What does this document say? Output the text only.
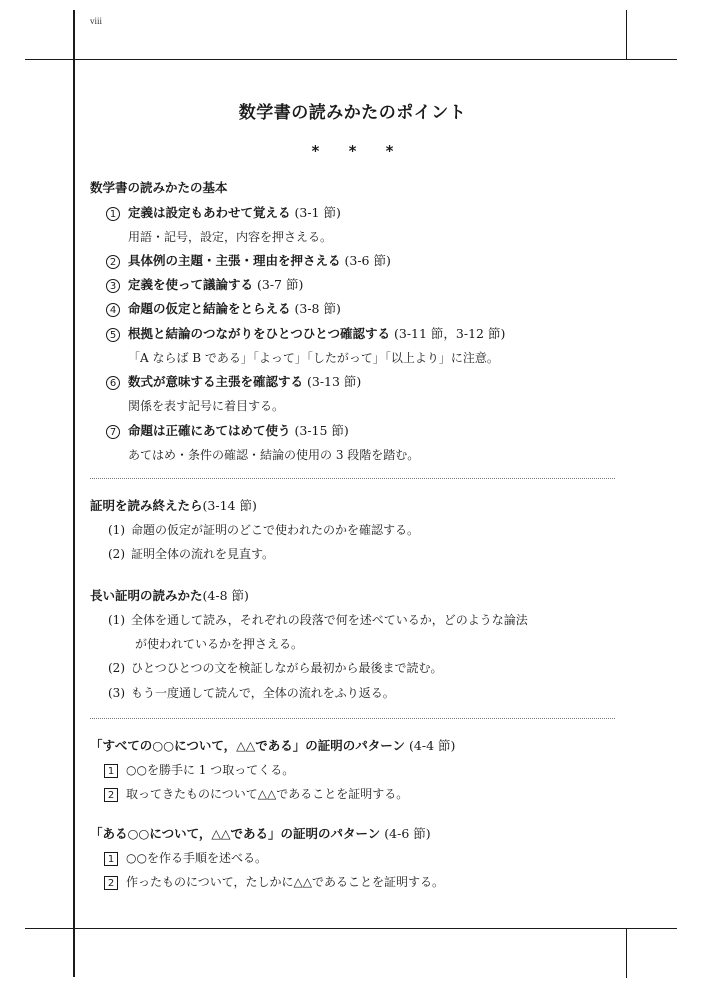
viii
数学書の読みかたのポイント
* * *
数学書の読みかたの基本
1 定義は設定もあわせて覚える (3-1 節)
用語・記号，設定，内容を押さえる。
2 具体例の主題・主張・理由を押さえる (3-6 節)
3 定義を使って議論する (3-7 節)
4 命題の仮定と結論をとらえる (3-8 節)
5 根拠と結論のつながりをひとつひとつ確認する (3-11 節，3-12 節)
「A ならば B である」「よって」「したがって」「以上より」に注意。
6 数式が意味する主張を確認する (3-13 節)
関係を表す記号に着目する。
7 命題は正確にあてはめて使う (3-15 節)
あてはめ・条件の確認・結論の使用の 3 段階を踏む。
証明を読み終えたら(3-14 節)
(1) 命題の仮定が証明のどこで使われたのかを確認する。
(2) 証明全体の流れを見直す。
長い証明の読みかた(4-8 節)
(1) 全体を通して読み，それぞれの段落で何を述べているか，どのような論法
が使われているかを押さえる。
(2) ひとつひとつの文を検証しながら最初から最後まで読む。
(3) もう一度通して読んで，全体の流れをふり返る。
「すべての○○について，△△である」の証明のパターン (4-4 節)
1 ○○を勝手に 1 つ取ってくる。
2 取ってきたものについて△△であることを証明する。
「ある○○について，△△である」の証明のパターン (4-6 節)
1 ○○を作る手順を述べる。
2 作ったものについて，たしかに△△であることを証明する。
